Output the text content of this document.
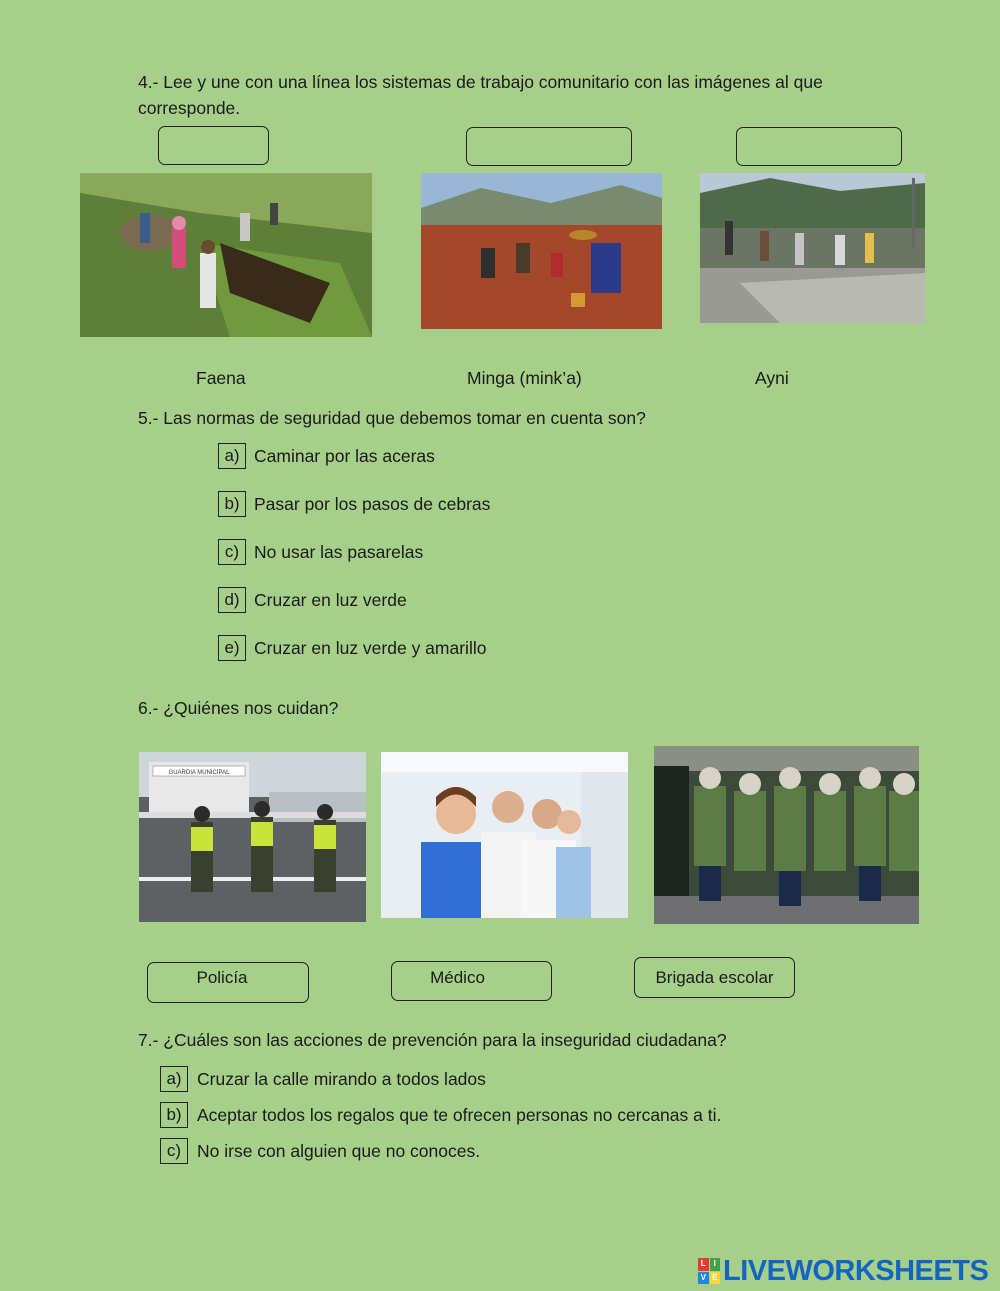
4.- Lee y une con una línea los sistemas de trabajo comunitario con las imágenes al que
corresponde.
Faena	Minga (mink’a)	Ayni
5.- Las normas de seguridad que debemos tomar en cuenta son?
a) Caminar por las aceras
b) Pasar por los pasos de cebras
c) No usar las pasarelas
d) Cruzar en luz verde
e) Cruzar en luz verde y amarillo
6.- ¿Quiénes nos cuidan?
GUARDIA MUNICIPAL
Policía	Médico	Brigada escolar
7.- ¿Cuáles son las acciones de prevención para la inseguridad ciudadana?
a) Cruzar la calle mirando a todos lados
b) Aceptar todos los regalos que te ofrecen personas no cercanas a ti.
c) No irse con alguien que no conoces.
L I
V E LIVEWORKSHEETS
